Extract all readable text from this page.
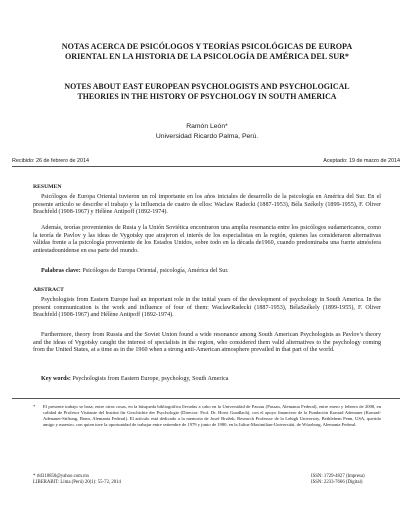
NOTAS ACERCA DE PSICÓLOGOS Y TEORÍAS PSICOLÓGICAS DE EUROPA ORIENTAL EN LA HISTORIA DE LA PSICOLOGÍA DE AMÉRICA DEL SUR*
NOTES ABOUT EAST EUROPEAN PSYCHOLOGISTS AND PSYCHOLOGICAL THEORIES IN THE HISTORY OF PSYCHOLOGY IN SOUTH AMERICA
Ramón León*
Universidad Ricardo Palma, Perú.
Recibido: 26 de febrero de 2014	Aceptado: 19 de marzo de 2014
RESUMEN
Psicólogos de Europa Oriental tuvieron un rol importante en los años iniciales de desarrollo de la psicología en América del Sur. En el presente artículo se describe el trabajo y la influencia de cuatro de ellos: Waclaw Radecki (1887-1953), Béla Székely (1899-1955), F. Oliver Brachfeld (1908-1967) y Hélène Antipoff (1892-1974).
Además, teorías provenientes de Rusia y la Unión Soviética encontraron una amplia resonancia entre los psicólogos sudamericanos, como la teoría de Pavlov y las ideas de Vygotsky que atrajeron el interés de los especialistas en la región, quienes las consideraron alternativas válidas frente a la psicología proveniente de los Estados Unidos, sobre todo en la década de1960, cuando predominaba una fuerte atmósfera antiestadounidense en esa parte del mundo.
Palabras clave: Psicólogos de Europa Oriental, psicología, América del Sur.
ABSTRACT
Psychologists from Eastern Europe had an important role in the initial years of the development of psychology in South America. In the present communication is the work and influence of four of them: WaclawRadecki (1887-1953), BélaSzékely (1899-1955), F. Oliver Brachfeld (1908-1967) and Hélène Antipoff (1892-1974).
Furthermore, theory from Russia and the Soviet Union found a wide resonance among South American Psychologists as Pavlov’s theory and the ideas of Vygotsky caught the interest of specialists in the region, who considered them valid alternatives to the psychology coming from the United States, at a time as in the 1960 when a strong anti-American atmosphere prevailed in that part of the world.
Key words: Psychologists from Eastern Europe, psychology, South America
* El presente trabajo se basa, entre otras cosas, en la búsqueda bibliográfica llevadas a cabo en la Universidad de Passau (Passau, Alemania Federal), entre enero y febrero de 2008, en calidad de Profesor Visitante del Institut für Geschichte der Psychologie (Director: Prof. Dr. Horst Gundlach), con el apoyo financiero de la Fundación Konrad Adenauer (Konrad-Adenauer-Stiftung, Bonn, Alemania Federal). El artículo está dedicado a la memoria de Josef Brožek, Research Professor de la Lehigh University, Bethlehem Penn, USA, querido amigo y maestro, con quien tuve la oportunidad de trabajar entre setiembre de 1979 y junio de 1980, en la Julius-Maximilian-Universität, de Würzburg, Alemania Federal.
* rld310850@yahoo.com.mx	ISSN: 1729-4827 (Impresa)
LIBERABIT: Lima (Perú) 20(1): 55-72, 2014	ISSN: 2233-7666 (Digital)
